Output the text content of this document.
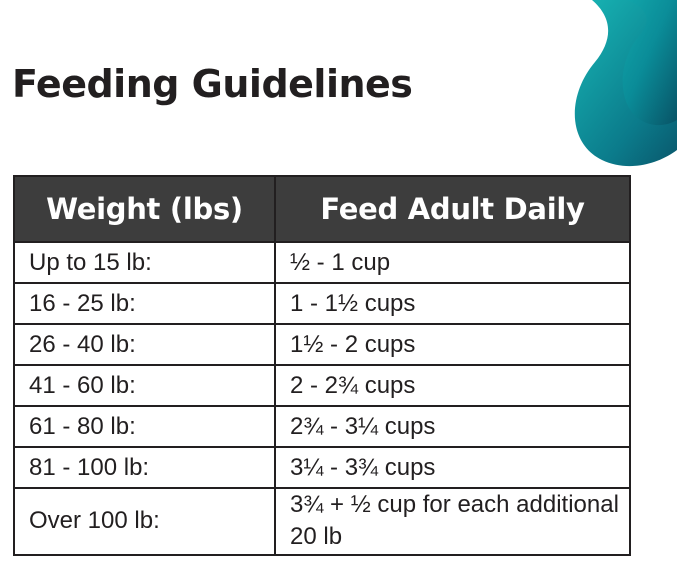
Feeding Guidelines
Weight (lbs)	Feed Adult Daily
Up to 15 lb:	½ - 1 cup
16 - 25 lb:	1 - 1½ cups
26 - 40 lb:	1½ - 2 cups
41 - 60 lb:	2 - 2¾ cups
61 - 80 lb:	2¾ - 3¼ cups
81 - 100 lb:	3¼ - 3¾ cups
Over 100 lb:	3¾ + ½ cup for each additional 20 lb
